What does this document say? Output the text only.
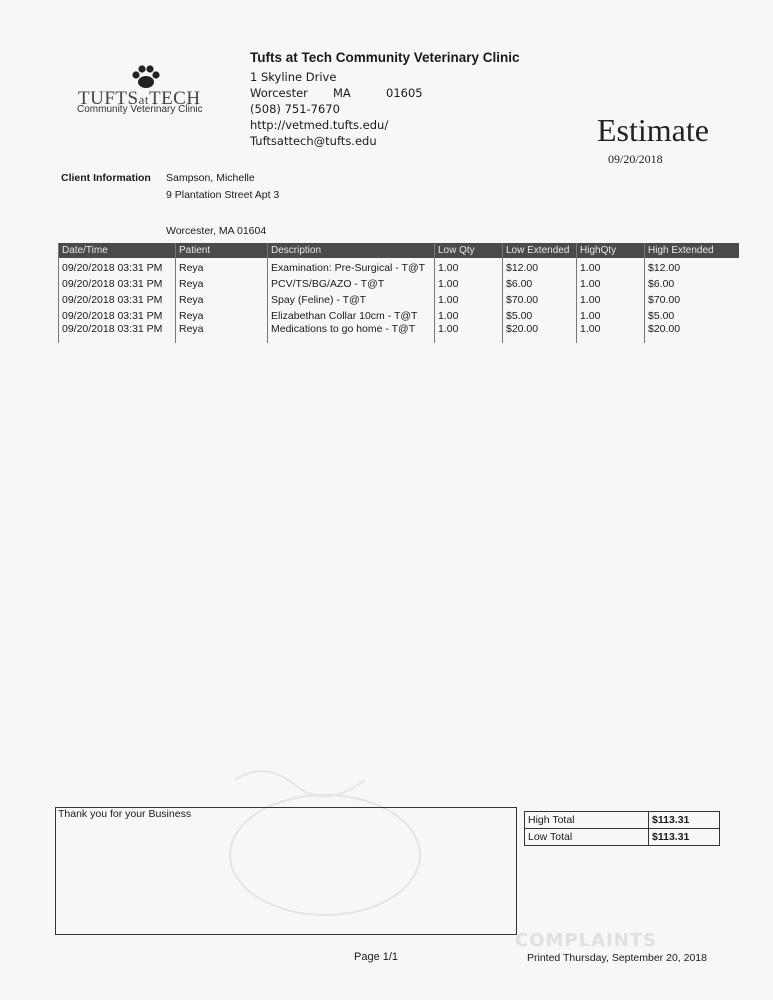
TUFTSatTECH
Community Veterinary Clinic
Tufts at Tech Community Veterinary Clinic
1 Skyline Drive
Worcester MA	01605
(508) 751-7670
http://vetmed.tufts.edu/
Tuftsattech@tufts.edu	Estimate
09/20/2018
Client Information Sampson, Michelle
9 Plantation Street Apt 3
Worcester, MA 01604
Date/Time	Patient	Description	Low Qty	Low Extended	HighQty	High Extended
09/20/2018 03:31 PM	Reya	Examination: Pre-Surgical - T@T	1.00	$12.00	1.00	$12.00
09/20/2018 03:31 PM	Reya	PCV/TS/BG/AZO - T@T	1.00	$6.00	1.00	$6.00
09/20/2018 03:31 PM	Reya	Spay (Feline) - T@T	1.00	$70.00	1.00	$70.00
09/20/2018 03:31 PM	Reya	Elizabethan Collar 10cm - T@T	1.00	$5.00	1.00	$5.00
09/20/2018 03:31 PM	Reya	Medications to go home - T@T	1.00	$20.00	1.00	$20.00
Thank you for your Business	High Total	$113.31
Low Total	$113.31
COMPLAINTS
Page 1/1	Printed Thursday, September 20, 2018
